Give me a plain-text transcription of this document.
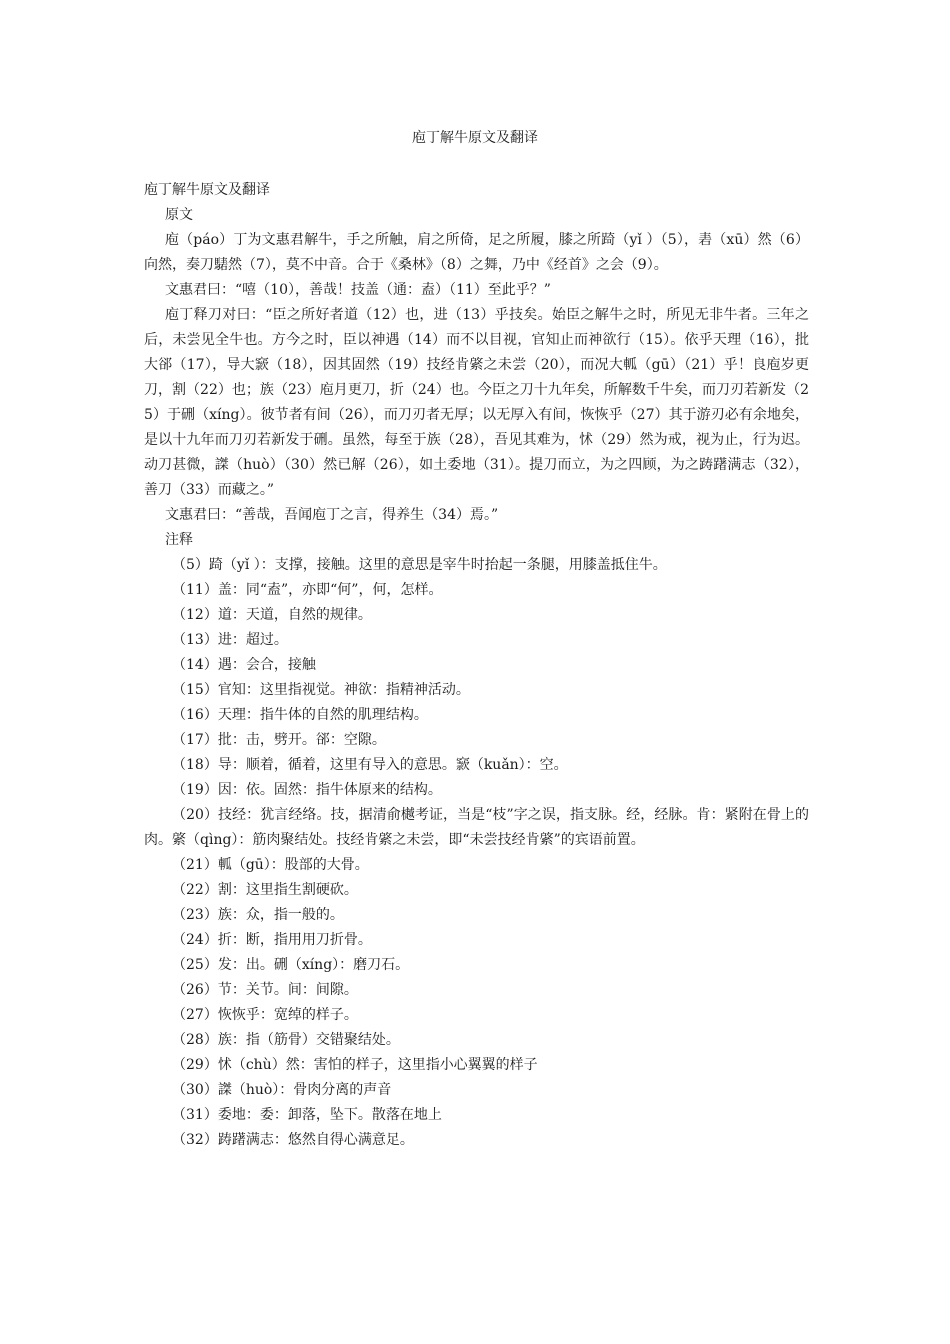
庖丁解牛原文及翻译

庖丁解牛原文及翻译

原文

庖（páo）丁为文惠君解牛，手之所触，肩之所倚，足之所履，膝之所踦（yǐ ）（5），砉（xū）然（6）向然，奏刀騞然（7），莫不中音。合于《桑林》（8）之舞，乃中《经首》之会（9）。

文惠君曰：“嘻（10），善哉！技盖（通：盍）（11）至此乎？”

庖丁释刀对曰：“臣之所好者道（12）也，进（13）乎技矣。始臣之解牛之时，所见无非牛者。三年之后，未尝见全牛也。方今之时，臣以神遇（14）而不以目视，官知止而神欲行（15）。依乎天理（16），批大郤（17），导大窾（18），因其固然（19）技经肯綮之未尝（20），而况大軱（gū）（21）乎！良庖岁更刀，割（22）也；族（23）庖月更刀，折（24）也。今臣之刀十九年矣，所解数千牛矣，而刀刃若新发（25）于硎（xíng）。彼节者有间（26），而刀刃者无厚；以无厚入有间，恢恢乎（27）其于游刃必有余地矣，是以十九年而刀刃若新发于硎。虽然，每至于族（28），吾见其难为，怵（29）然为戒，视为止，行为迟。动刀甚微，謋（huò）（30）然已解（26），如土委地（31）。提刀而立，为之四顾，为之踌躇满志（32），善刀（33）而藏之。”

文惠君曰：“善哉，吾闻庖丁之言，得养生（34）焉。”

注释

（5）踦（yǐ ）：支撑，接触。这里的意思是宰牛时抬起一条腿，用膝盖抵住牛。

（11）盖：同“盍”，亦即“何”，何，怎样。

（12）道：天道，自然的规律。

（13）进：超过。

（14）遇：会合，接触

（15）官知：这里指视觉。神欲：指精神活动。

（16）天理：指牛体的自然的肌理结构。

（17）批：击，劈开。郤：空隙。

（18）导：顺着，循着，这里有导入的意思。窾（kuǎn）：空。

（19）因：依。固然：指牛体原来的结构。

（20）技经：犹言经络。技，据清俞樾考证，当是“枝”字之误，指支脉。经，经脉。肯：紧附在骨上的肉。綮（qìng）：筋肉聚结处。技经肯綮之未尝，即“未尝技经肯綮”的宾语前置。

（21）軱（gū）：股部的大骨。

（22）割：这里指生割硬砍。

（23）族：众，指一般的。

（24）折：断，指用用刀折骨。

（25）发：出。硎（xíng）：磨刀石。

（26）节：关节。间：间隙。

（27）恢恢乎：宽绰的样子。

（28）族：指（筋骨）交错聚结处。

（29）怵（chù）然：害怕的样子，这里指小心翼翼的样子

（30）謋（huò）：骨肉分离的声音

（31）委地：委：卸落，坠下。散落在地上

（32）踌躇满志：悠然自得心满意足。
